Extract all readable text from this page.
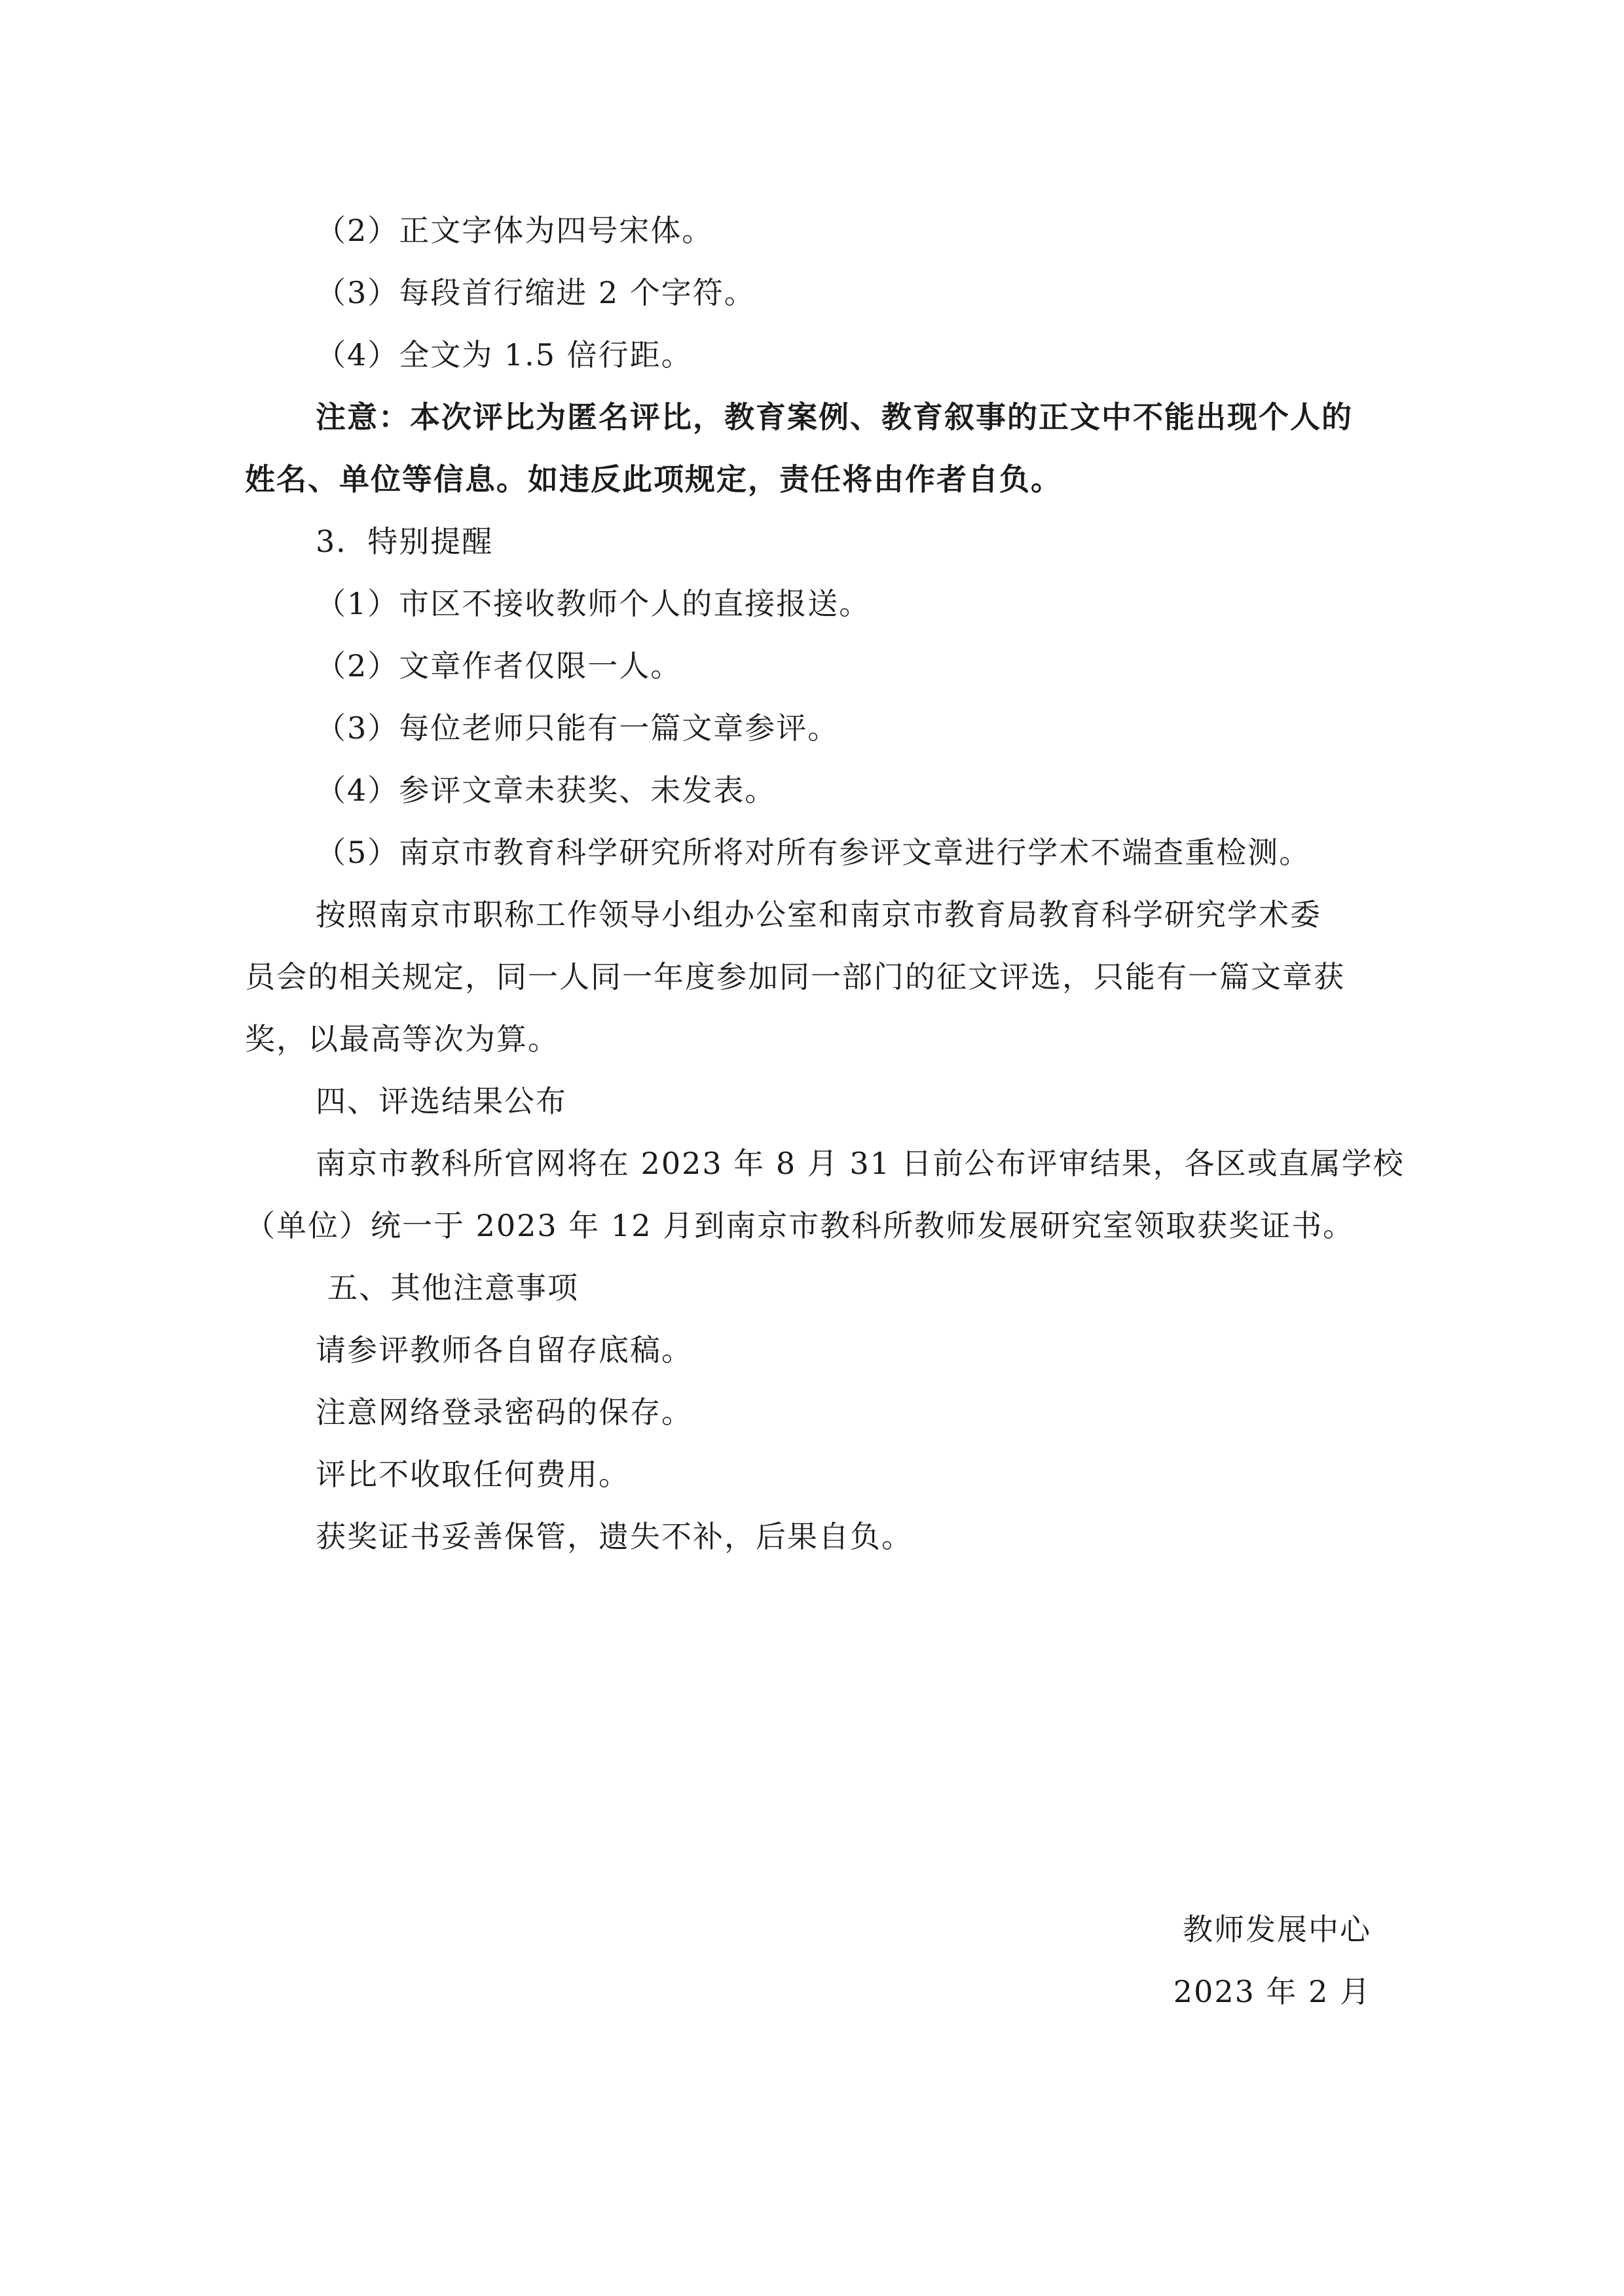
（2）正文字体为四号宋体。
（3）每段首行缩进 2 个字符。
（4）全文为 1.5 倍行距。
注意：本次评比为匿名评比，教育案例、教育叙事的正文中不能出现个人的
姓名、单位等信息。如违反此项规定，责任将由作者自负。
3．特别提醒
（1）市区不接收教师个人的直接报送。
（2）文章作者仅限一人。
（3）每位老师只能有一篇文章参评。
（4）参评文章未获奖、未发表。
（5）南京市教育科学研究所将对所有参评文章进行学术不端查重检测。
按照南京市职称工作领导小组办公室和南京市教育局教育科学研究学术委
员会的相关规定，同一人同一年度参加同一部门的征文评选，只能有一篇文章获
奖，以最高等次为算。
四、评选结果公布
南京市教科所官网将在 2023 年 8 月 31 日前公布评审结果，各区或直属学校
（单位）统一于 2023 年 12 月到南京市教科所教师发展研究室领取获奖证书。
五、其他注意事项
请参评教师各自留存底稿。
注意网络登录密码的保存。
评比不收取任何费用。
获奖证书妥善保管，遗失不补，后果自负。
教师发展中心
2023 年 2 月
